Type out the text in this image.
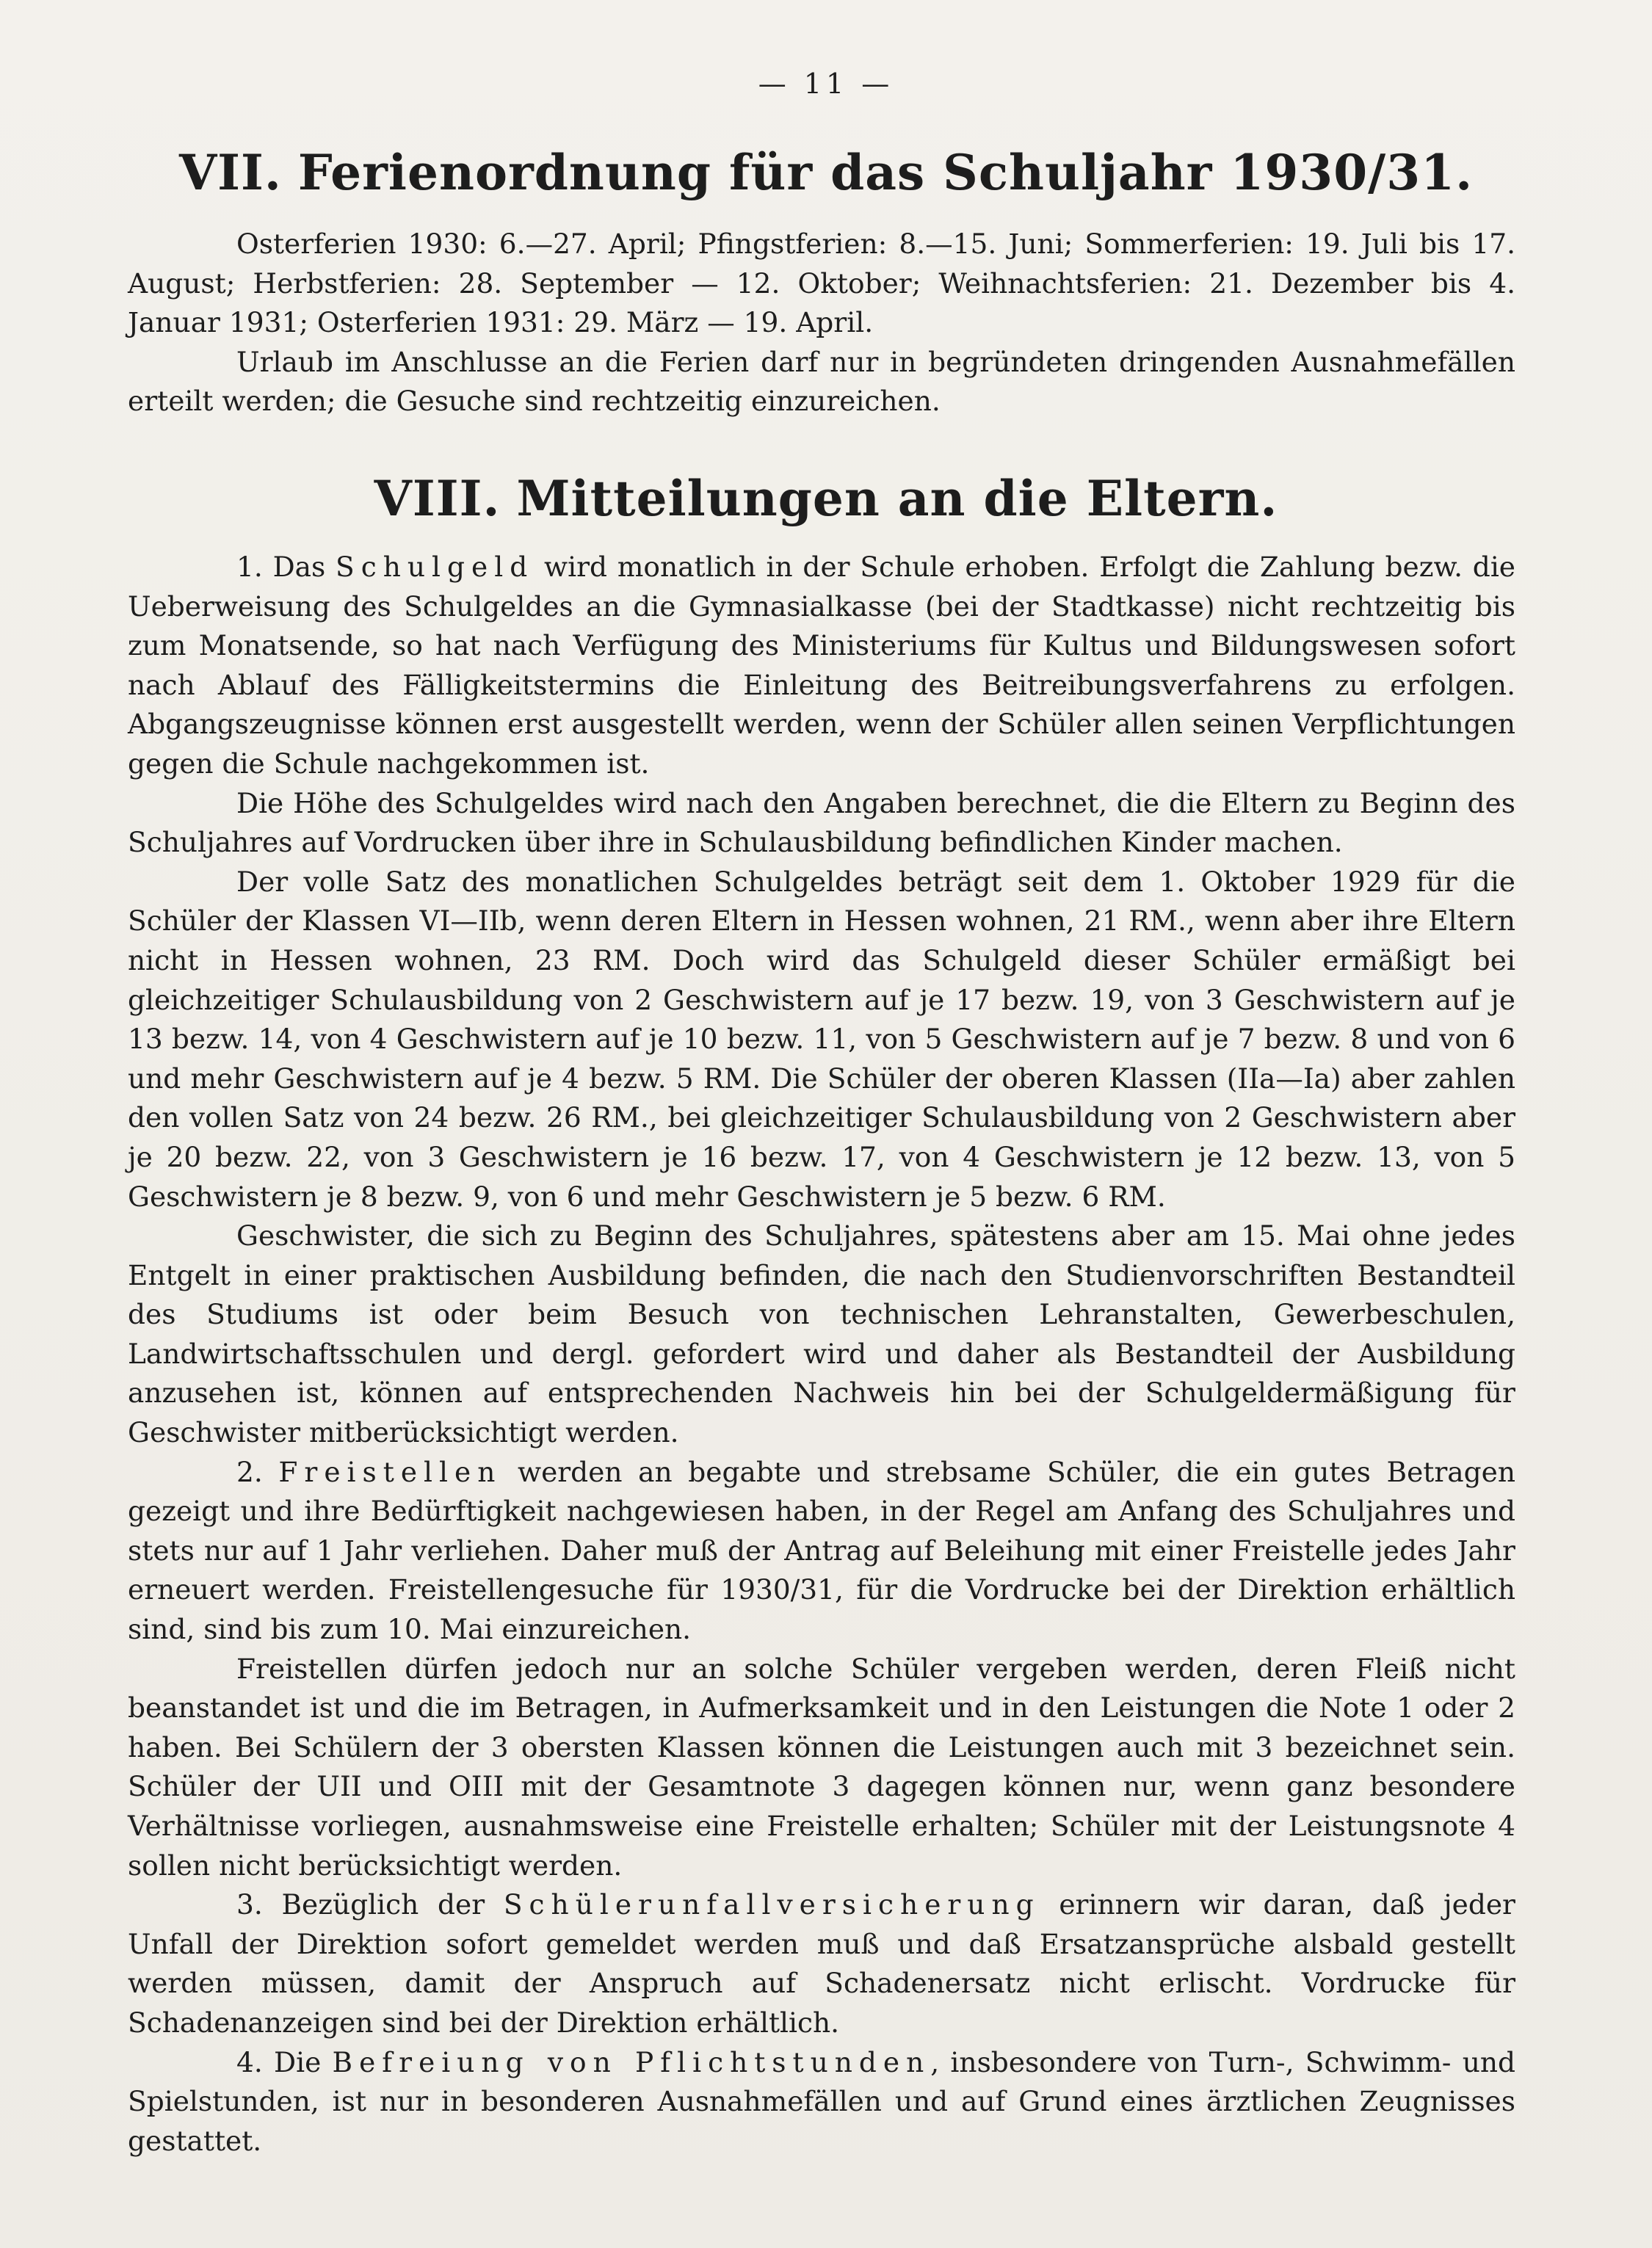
— 11 —
VII. Ferienordnung für das Schuljahr 1930/31.

Osterferien 1930: 6.—27. April; Pfingstferien: 8.—15. Juni; Sommerferien: 19. Juli bis 17. August; Herbstferien: 28. September — 12. Oktober; Weihnachtsferien: 21. Dezember bis 4. Januar 1931; Osterferien 1931: 29. März — 19. April.

Urlaub im Anschlusse an die Ferien darf nur in begründeten dringenden Ausnahmefällen erteilt werden; die Gesuche sind rechtzeitig einzureichen.

VIII. Mitteilungen an die Eltern.

1. Das Schulgeld wird monatlich in der Schule erhoben. Erfolgt die Zahlung bezw. die Ueberweisung des Schulgeldes an die Gymnasialkasse (bei der Stadtkasse) nicht rechtzeitig bis zum Monatsende, so hat nach Verfügung des Ministeriums für Kultus und Bildungswesen sofort nach Ablauf des Fälligkeitstermins die Einleitung des Beitreibungsverfahrens zu erfolgen. Abgangszeugnisse können erst ausgestellt werden, wenn der Schüler allen seinen Verpflichtungen gegen die Schule nachgekommen ist.

Die Höhe des Schulgeldes wird nach den Angaben berechnet, die die Eltern zu Beginn des Schuljahres auf Vordrucken über ihre in Schulausbildung befindlichen Kinder machen.

Der volle Satz des monatlichen Schulgeldes beträgt seit dem 1. Oktober 1929 für die Schüler der Klassen VI—IIb, wenn deren Eltern in Hessen wohnen, 21 RM., wenn aber ihre Eltern nicht in Hessen wohnen, 23 RM. Doch wird das Schulgeld dieser Schüler ermäßigt bei gleichzeitiger Schulausbildung von 2 Geschwistern auf je 17 bezw. 19, von 3 Geschwistern auf je 13 bezw. 14, von 4 Geschwistern auf je 10 bezw. 11, von 5 Geschwistern auf je 7 bezw. 8 und von 6 und mehr Geschwistern auf je 4 bezw. 5 RM. Die Schüler der oberen Klassen (IIa—Ia) aber zahlen den vollen Satz von 24 bezw. 26 RM., bei gleichzeitiger Schulausbildung von 2 Geschwistern aber je 20 bezw. 22, von 3 Geschwistern je 16 bezw. 17, von 4 Geschwistern je 12 bezw. 13, von 5 Geschwistern je 8 bezw. 9, von 6 und mehr Geschwistern je 5 bezw. 6 RM.

Geschwister, die sich zu Beginn des Schuljahres, spätestens aber am 15. Mai ohne jedes Entgelt in einer praktischen Ausbildung befinden, die nach den Studienvorschriften Bestandteil des Studiums ist oder beim Besuch von technischen Lehranstalten, Gewerbeschulen, Landwirtschaftsschulen und dergl. gefordert wird und daher als Bestandteil der Ausbildung anzusehen ist, können auf entsprechenden Nachweis hin bei der Schulgeldermäßigung für Geschwister mitberücksichtigt werden.

2. Freistellen werden an begabte und strebsame Schüler, die ein gutes Betragen gezeigt und ihre Bedürftigkeit nachgewiesen haben, in der Regel am Anfang des Schuljahres und stets nur auf 1 Jahr verliehen. Daher muß der Antrag auf Beleihung mit einer Freistelle jedes Jahr erneuert werden. Freistellengesuche für 1930/31, für die Vordrucke bei der Direktion erhältlich sind, sind bis zum 10. Mai einzureichen.

Freistellen dürfen jedoch nur an solche Schüler vergeben werden, deren Fleiß nicht beanstandet ist und die im Betragen, in Aufmerksamkeit und in den Leistungen die Note 1 oder 2 haben. Bei Schülern der 3 obersten Klassen können die Leistungen auch mit 3 bezeichnet sein. Schüler der UII und OIII mit der Gesamtnote 3 dagegen können nur, wenn ganz besondere Verhältnisse vorliegen, ausnahmsweise eine Freistelle erhalten; Schüler mit der Leistungsnote 4 sollen nicht berücksichtigt werden.

3. Bezüglich der Schülerunfallversicherung erinnern wir daran, daß jeder Unfall der Direktion sofort gemeldet werden muß und daß Ersatzansprüche alsbald gestellt werden müssen, damit der Anspruch auf Schadenersatz nicht erlischt. Vordrucke für Schadenanzeigen sind bei der Direktion erhältlich.

4. Die Befreiung von Pflichtstunden, insbesondere von Turn-, Schwimm- und Spielstunden, ist nur in besonderen Ausnahmefällen und auf Grund eines ärztlichen Zeugnisses gestattet.
